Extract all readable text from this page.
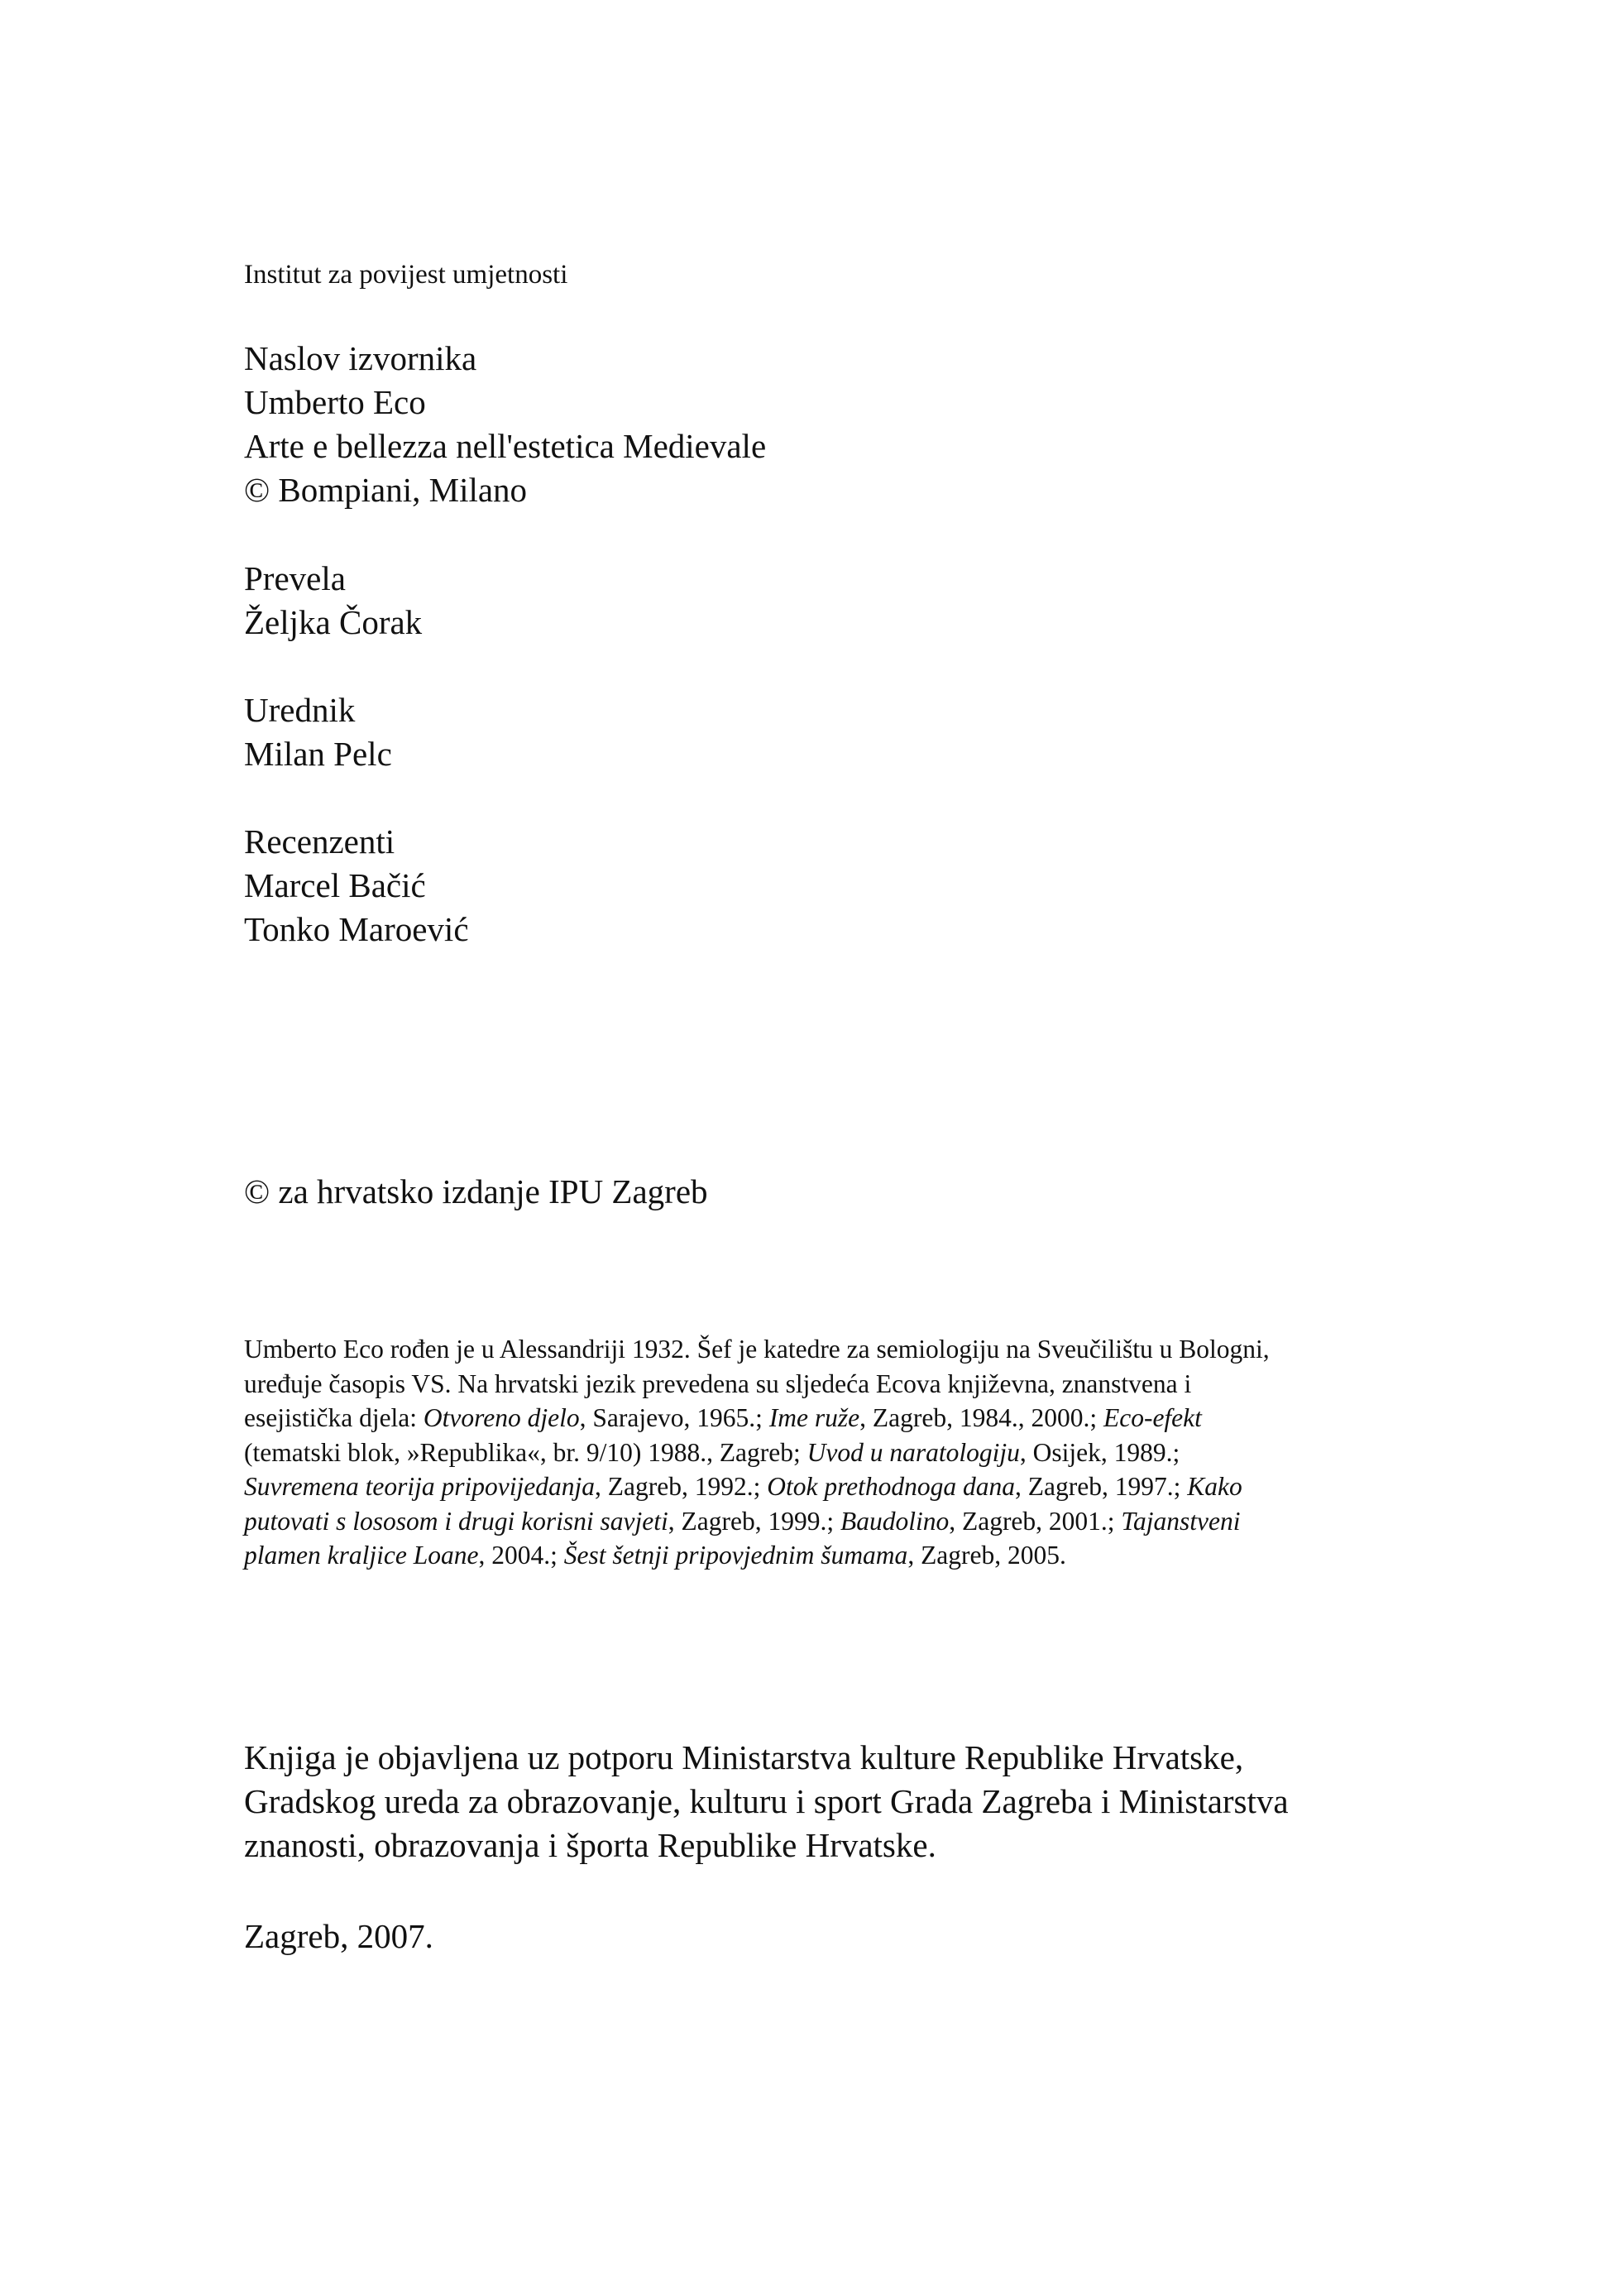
Institut za povijest umjetnosti
Naslov izvornika
Umberto Eco
Arte e bellezza nell'estetica Medievale
© Bompiani, Milano
Prevela
Željka Čorak
Urednik
Milan Pelc
Recenzenti
Marcel Bačić
Tonko Maroević
© za hrvatsko izdanje IPU Zagreb
Umberto Eco rođen je u Alessandriji 1932. Šef je katedre za semiologiju na Sveučilištu u Bologni,
uređuje časopis VS. Na hrvatski jezik prevedena su sljedeća Ecova književna, znanstvena i
esejistička djela: Otvoreno djelo, Sarajevo, 1965.; Ime ruže, Zagreb, 1984., 2000.; Eco-efekt
(tematski blok, »Republika«, br. 9/10) 1988., Zagreb; Uvod u naratologiju, Osijek, 1989.;
Suvremena teorija pripovijedanja, Zagreb, 1992.; Otok prethodnoga dana, Zagreb, 1997.; Kako
putovati s lososom i drugi korisni savjeti, Zagreb, 1999.; Baudolino, Zagreb, 2001.; Tajanstveni
plamen kraljice Loane, 2004.; Šest šetnji pripovjednim šumama, Zagreb, 2005.
Knjiga je objavljena uz potporu Ministarstva kulture Republike Hrvatske,
Gradskog ureda za obrazovanje, kulturu i sport Grada Zagreba i Ministarstva
znanosti, obrazovanja i športa Republike Hrvatske.
Zagreb, 2007.
